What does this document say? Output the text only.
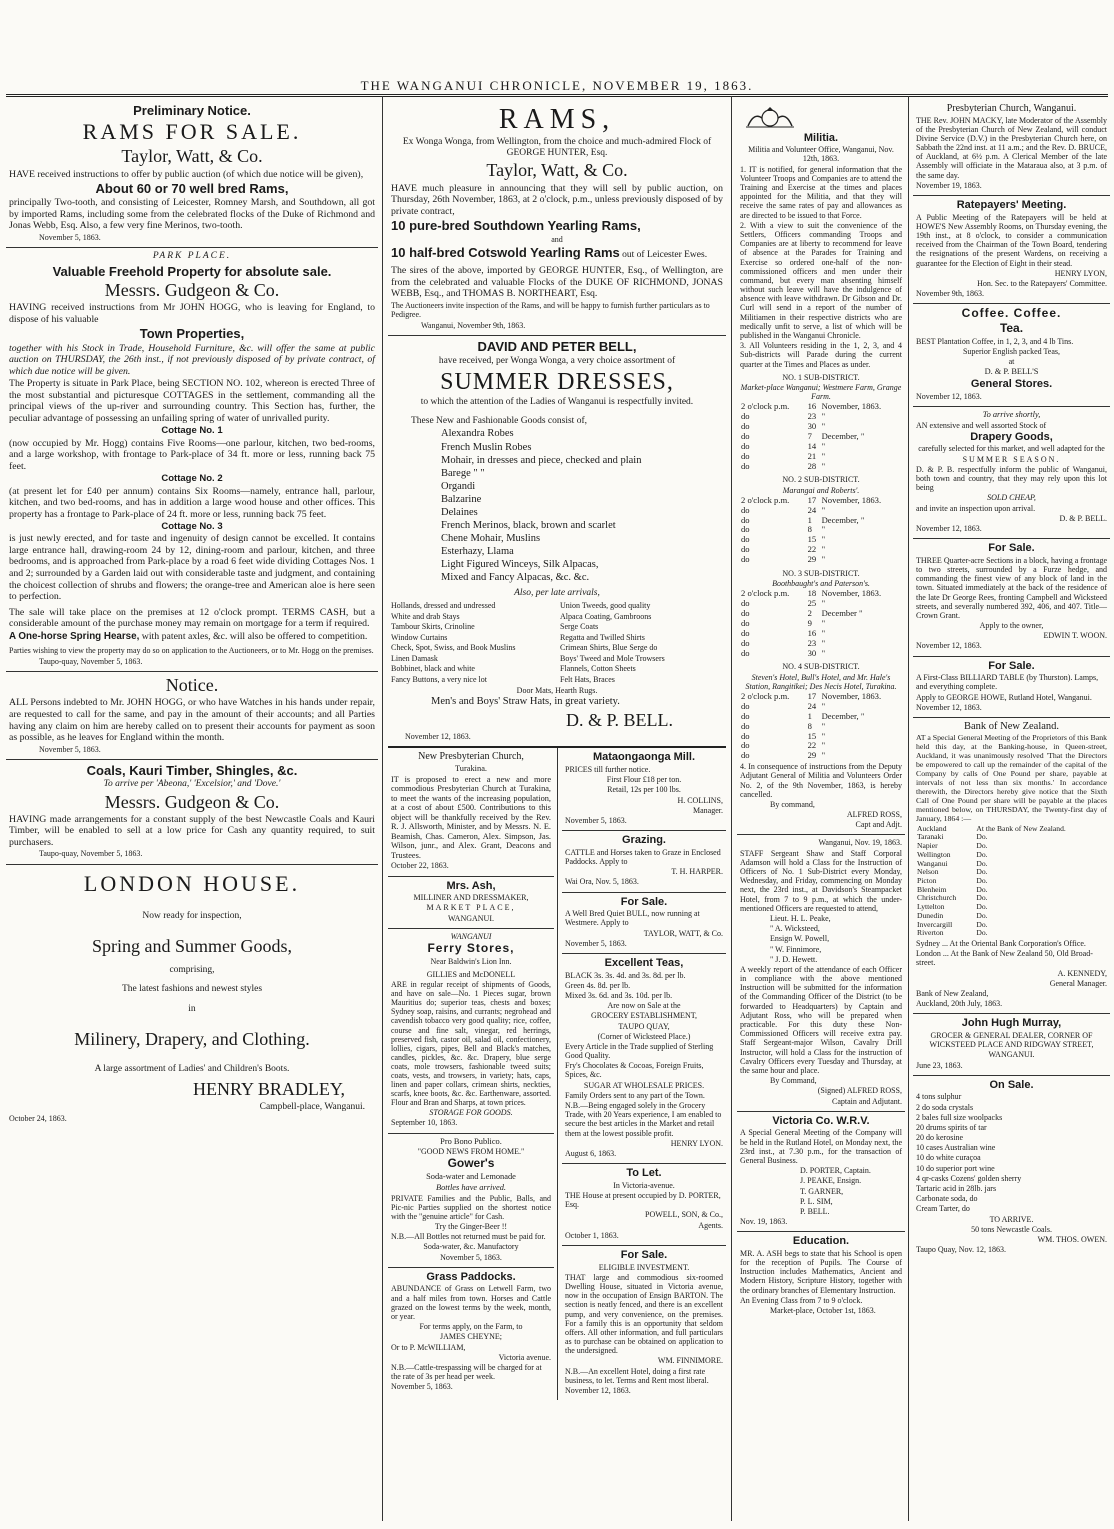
THE WANGANUI CHRONICLE, NOVEMBER 19, 1863.

Preliminary Notice.

RAMS FOR SALE.

Taylor, Watt, & Co.

HAVE received instructions to offer by public auction (of which due notice will be given),

About 60 or 70 well bred Rams,

principally Two-tooth, and consisting of Leicester, Romney Marsh, and Southdown, all got by imported Rams, including some from the celebrated flocks of the Duke of Richmond and Jonas Webb, Esq. Also, a few very fine Merinos, two-tooth.

November 5, 1863.

PARK PLACE.

Valuable Freehold Property for absolute sale.

Messrs. Gudgeon & Co.

HAVING received instructions from Mr JOHN HOGG, who is leaving for England, to dispose of his valuable

Town Properties,

together with his Stock in Trade, Household Furniture, &c. will offer the same at public auction on THURSDAY, the 26th inst., if not previously disposed of by private contract, of which due notice will be given.

The Property is situate in Park Place, being SECTION NO. 102, whereon is erected Three of the most substantial and picturesque COTTAGES in the settlement, commanding all the principal views of the up-river and surrounding country. This Section has, further, the peculiar advantage of possessing an unfailing spring of water of unrivalled purity.

Cottage No. 1

(now occupied by Mr. Hogg) contains Five Rooms—one parlour, kitchen, two bed-rooms, and a large workshop, with frontage to Park-place of 34 ft. more or less, running back 75 feet.

Cottage No. 2

(at present let for £40 per annum) contains Six Rooms—namely, entrance hall, parlour, kitchen, and two bed-rooms, and has in addition a large wood house and other offices. This property has a frontage to Park-place of 24 ft. more or less, running back 75 feet.

Cottage No. 3

is just newly erected, and for taste and ingenuity of design cannot be excelled. It contains large entrance hall, drawing-room 24 by 12, dining-room and parlour, kitchen, and three bedrooms, and is approached from Park-place by a road 6 feet wide dividing Cottages Nos. 1 and 2; surrounded by a Garden laid out with considerable taste and judgment, and containing the choicest collection of shrubs and flowers; the orange-tree and American aloe is here seen to perfection.

The sale will take place on the premises at 12 o'clock prompt. TERMS CASH, but a considerable amount of the purchase money may remain on mortgage for a term if required.

A One-horse Spring Hearse, with patent axles, &c. will also be offered to competition.

Parties wishing to view the property may do so on application to the Auctioneers, or to Mr. Hogg on the premises.

Taupo-quay, November 5, 1863.

Notice.

ALL Persons indebted to Mr. JOHN HOGG, or who have Watches in his hands under repair, are requested to call for the same, and pay in the amount of their accounts; and all Parties having any claim on him are hereby called on to present their accounts for payment as soon as possible, as he leaves for England within the month.

November 5, 1863.

Coals, Kauri Timber, Shingles, &c.

To arrive per 'Abeona,' 'Excelsior,' and 'Dove.'

Messrs. Gudgeon & Co.

HAVING made arrangements for a constant supply of the best Newcastle Coals and Kauri Timber, will be enabled to sell at a low price for Cash any quantity required, to suit purchasers.

Taupo-quay, November 5, 1863.

LONDON HOUSE.

Now ready for inspection,

Spring and Summer Goods,

comprising,

The latest fashions and newest styles

in

Milinery, Drapery, and Clothing.

A large assortment of Ladies' and Children's Boots.

HENRY BRADLEY,

Campbell-place, Wanganui.

October 24, 1863.

RAMS,

Ex Wonga Wonga, from Wellington, from the choice and much-admired Flock of GEORGE HUNTER, Esq.

Taylor, Watt, & Co.

HAVE much pleasure in announcing that they will sell by public auction, on Thursday, 26th November, 1863, at 2 o'clock, p.m., unless previously disposed of by private contract,

10 pure-bred Southdown Yearling Rams,

and

10 half-bred Cotswold Yearling Rams out of Leicester Ewes.

The sires of the above, imported by GEORGE HUNTER, Esq., of Wellington, are from the celebrated and valuable Flocks of the DUKE OF RICHMOND, JONAS WEBB, Esq., and THOMAS B. NORTHEART, Esq.

The Auctioneers invite inspection of the Rams, and will be happy to furnish further particulars as to Pedigree.

Wanganui, November 9th, 1863.

DAVID AND PETER BELL,

have received, per Wonga Wonga, a very choice assortment of

SUMMER DRESSES,

to which the attention of the Ladies of Wanganui is respectfully invited.

These New and Fashionable Goods consist of,

Alexandra Robes

French Muslin Robes

Mohair, in dresses and piece, checked and plain

Barege " "

Organdi

Balzarine

Delaines

French Merinos, black, brown and scarlet

Chene Mohair, Muslins

Esterhazy, Llama

Light Figured Winceys, Silk Alpacas,

Mixed and Fancy Alpacas, &c. &c.

Also, per late arrivals,

Hollands, dressed and undressed

White and drab Stays

Tambour Skirts, Crinoline

Window Curtains

Check, Spot, Swiss, and Book Muslins

Linen Damask

Bobbinet, black and white

Fancy Buttons, a very nice lot

Union Tweeds, good quality

Alpaca Coating, Gambroons

Serge Coats

Regatta and Twilled Shirts

Crimean Shirts, Blue Serge do

Boys' Tweed and Mole Trowsers

Flannels, Cotton Sheets

Felt Hats, Braces

Door Mats, Hearth Rugs.

Men's and Boys' Straw Hats, in great variety.

D. & P. BELL.

November 12, 1863.

New Presbyterian Church,

Turakina.

IT is proposed to erect a new and more commodious Presbyterian Church at Turakina, to meet the wants of the increasing population, at a cost of about £500. Contributions to this object will be thankfully received by the Rev. R. J. Allsworth, Minister, and by Messrs. N. E. Beamish, Chas. Cameron, Alex. Simpson, Jas. Wilson, junr., and Alex. Grant, Deacons and Trustees.

October 22, 1863.

Mrs. Ash,

MILLINER AND DRESSMAKER,

MARKET PLACE,

WANGANUI.

WANGANUI

Ferry Stores,

Near Baldwin's Lion Inn.

GILLIES and McDONELL

ARE in regular receipt of shipments of Goods, and have on sale—No. 1 Pieces sugar, brown Mauritius do; superior teas, chests and boxes; Sydney soap, raisins, and currants; negrohead and cavendish tobacco very good quality; rice, coffee, course and fine salt, vinegar, red herrings, preserved fish, castor oil, salad oil, confectionery, lollies, cigars, pipes, Bell and Black's matches, candles, pickles, &c. &c. Drapery, blue serge coats, mole trowsers, fashionable tweed suits; coats, vests, and trowsers, in variety; hats, caps, linen and paper collars, crimean shirts, neckties, scarfs, knee boots, &c. &c. Earthenware, assorted. Flour and Bran and Sharps, at town prices.

STORAGE FOR GOODS.

September 10, 1863.

Pro Bono Publico.

"GOOD NEWS FROM HOME."

Gower's

Soda-water and Lemonade

Bottles have arrived.

PRIVATE Families and the Public, Balls, and Pic-nic Parties supplied on the shortest notice with the "genuine article" for Cash.

Try the Ginger-Beer !!

N.B.—All Bottles not returned must be paid for.

Soda-water, &c. Manufactory

November 5, 1863.

Grass Paddocks.

ABUNDANCE of Grass on Letwell Farm, two and a half miles from town. Horses and Cattle grazed on the lowest terms by the week, month, or year.

For terms apply, on the Farm, to

JAMES CHEYNE;

Or to P. McWILLIAM,

Victoria avenue.

N.B.—Cattle-trespassing will be charged for at the rate of 3s per head per week.

November 5, 1863.

Mataongaonga Mill.

PRICES till further notice.

First Flour £18 per ton.

Retail, 12s per 100 lbs.

H. COLLINS,

Manager.

November 5, 1863.

Grazing.

CATTLE and Horses taken to Graze in Enclosed Paddocks. Apply to

T. H. HARPER.

Wai Ora, Nov. 5, 1863.

For Sale.

A Well Bred Quiet BULL, now running at Westmere. Apply to

TAYLOR, WATT, & Co.

November 5, 1863.

Excellent Teas,

BLACK 3s. 3s. 4d. and 3s. 8d. per lb.

Green 4s. 8d. per lb.

Mixed 3s. 6d. and 3s. 10d. per lb.

Are now on Sale at the

GROCERY ESTABLISHMENT,

TAUPO QUAY,

(Corner of Wicksteed Place.)

Every Article in the Trade supplied of Sterling Good Quality.

Fry's Chocolates & Cocoas, Foreign Fruits, Spices, &c.

SUGAR AT WHOLESALE PRICES.

Family Orders sent to any part of the Town.

N.B.—Being engaged solely in the Grocery Trade, with 20 Years experience, I am enabled to secure the best articles in the Market and retail them at the lowest possible profit.

HENRY LYON.

August 6, 1863.

To Let.

In Victoria-avenue.

THE House at present occupied by D. PORTER, Esq.

POWELL, SON, & Co.,

Agents.

October 1, 1863.

For Sale.

ELIGIBLE INVESTMENT.

THAT large and commodious six-roomed Dwelling House, situated in Victoria avenue, now in the occupation of Ensign BARTON. The section is neatly fenced, and there is an excellent pump, and very convenience, on the premises. For a family this is an opportunity that seldom offers. All other information, and full particulars as to purchase can be obtained on application to the undersigned.

WM. FINNIMORE.

N.B.—An excellent Hotel, doing a first rate business, to let. Terms and Rent most liberal.

November 12, 1863.

Militia.

Militia and Volunteer Office, Wanganui, Nov. 12th, 1863.

1. IT is notified, for general information that the Volunteer Troops and Companies are to attend the Training and Exercise at the times and places appointed for the Militia, and that they will receive the same rates of pay and allowances as are directed to be issued to that Force.

2. With a view to suit the convenience of the Settlers, Officers commanding Troops and Companies are at liberty to recommend for leave of absence at the Parades for Training and Exercise so ordered one-half of the non-commissioned officers and men under their command, but every man absenting himself without such leave will have the indulgence of absence with leave withdrawn. Dr Gibson and Dr. Curl will send in a report of the number of Militiamen in their respective districts who are medically unfit to serve, a list of which will be published in the Wanganui Chronicle.

3. All Volunteers residing in the 1, 2, 3, and 4 Sub-districts will Parade during the current quarter at the Times and Places as under.

NO. 1 SUB-DISTRICT.

Market-place Wanganui; Westmere Farm, Grange Farm.

2 o'clock p.m.	16	November, 1863.
do	23	"
do	30	"
do	7	December, "
do	14	"
do	21	"
do	28	"

NO. 2 SUB-DISTRICT.

Marangai and Roberts'.

2 o'clock p.m.	17	November, 1863.
do	24	"
do	1	December, "
do	8	"
do	15	"
do	22	"
do	29	"

NO. 3 SUB-DISTRICT.

Boothbaught's and Paterson's.

2 o'clock p.m.	18	November, 1863.
do	25	"
do	2	December "
do	9	"
do	16	"
do	23	"
do	30	"

NO. 4 SUB-DISTRICT.

Steven's Hotel, Bull's Hotel, and Mr. Hale's Station, Rangitikei; Des Necis Hotel, Turakina.

2 o'clock p.m.	17	November, 1863.
do	24	"
do	1	December, "
do	8	"
do	15	"
do	22	"
do	29	"

4. In consequence of instructions from the Deputy Adjutant General of Militia and Volunteers Order No. 2, of the 9th November, 1863, is hereby cancelled.

By command,

ALFRED ROSS,

Capt and Adjt.

Wanganui, Nov. 19, 1863.

STAFF Sergeant Shaw and Staff Corporal Adamson will hold a Class for the Instruction of Officers of No. 1 Sub-District every Monday, Wednesday, and Friday, commencing on Monday next, the 23rd inst., at Davidson's Steampacket Hotel, from 7 to 9 p.m., at which the under-mentioned Officers are requested to attend,

Lieut. H. L. Peake,

" A. Wicksteed,

Ensign W. Powell,

" W. Finnimore,

" J. D. Hewett.

A weekly report of the attendance of each Officer in compliance with the above mentioned Instruction will be submitted for the information of the Commanding Officer of the District (to be forwarded to Headquarters) by Captain and Adjutant Ross, who will be prepared when practicable. For this duty these Non-Commissioned Officers will receive extra pay. Staff Sergeant-major Wilson, Cavalry Drill Instructor, will hold a Class for the instruction of Cavalry Officers every Tuesday and Thursday, at the same hour and place.

By Command,

(Signed) ALFRED ROSS,

Captain and Adjutant.

Victoria Co. W.R.V.

A Special General Meeting of the Company will be held in the Rutland Hotel, on Monday next, the 23rd inst., at 7.30 p.m., for the transaction of General Business.

D. PORTER, Captain.

J. PEAKE, Ensign.

T. GARNER,

P. L. SIM,

P. BELL.

Nov. 19, 1863.

Education.

MR. A. ASH begs to state that his School is open for the reception of Pupils. The Course of Instruction includes Mathematics, Ancient and Modern History, Scripture History, together with the ordinary branches of Elementary Instruction.

An Evening Class from 7 to 9 o'clock.

Market-place, October 1st, 1863.

Presbyterian Church, Wanganui.

THE Rev. JOHN MACKY, late Moderator of the Assembly of the Presbyterian Church of New Zealand, will conduct Divine Service (D.V.) in the Presbyterian Church here, on Sabbath the 22nd inst. at 11 a.m.; and the Rev. D. BRUCE, of Auckland, at 6½ p.m. A Clerical Member of the late Assembly will officiate in the Mataraua also, at 3 p.m. of the same day.

November 19, 1863.

Ratepayers' Meeting.

A Public Meeting of the Ratepayers will be held at HOWE'S New Assembly Rooms, on Thursday evening, the 19th inst., at 8 o'clock, to consider a communication received from the Chairman of the Town Board, tendering the resignations of the present Wardens, on receiving a guarantee for the Election of Eight in their stead.

HENRY LYON,

Hon. Sec. to the Ratepayers' Committee.

November 9th, 1863.

Coffee. Coffee.

Tea.

BEST Plantation Coffee, in 1, 2, 3, and 4 lb Tins.

Superior English packed Teas,

at

D. & P. BELL'S

General Stores.

November 12, 1863.

To arrive shortly,

AN extensive and well assorted Stock of

Drapery Goods,

carefully selected for this market, and well adapted for the

SUMMER SEASON.

D. & P. B. respectfully inform the public of Wanganui, both town and country, that they may rely upon this lot being

SOLD CHEAP,

and invite an inspection upon arrival.

D. & P. BELL.

November 12, 1863.

For Sale.

THREE Quarter-acre Sections in a block, having a frontage to two streets, surrounded by a Furze hedge, and commanding the finest view of any block of land in the town. Situated immediately at the back of the residence of the late Dr George Rees, fronting Campbell and Wicksteed streets, and severally numbered 392, 406, and 407. Title—Crown Grant.

Apply to the owner,

EDWIN T. WOON.

November 12, 1863.

For Sale.

A First-Class BILLIARD TABLE (by Thurston). Lamps, and everything complete.

Apply to GEORGE HOWE, Rutland Hotel, Wanganui.

November 12, 1863.

Bank of New Zealand.

AT a Special General Meeting of the Proprietors of this Bank held this day, at the Banking-house, in Queen-street, Auckland, it was unanimously resolved 'That the Directors be empowered to call up the remainder of the capital of the Company by calls of One Pound per share, payable at intervals of not less than six months.' In accordance therewith, the Directors hereby give notice that the Sixth Call of One Pound per share will be payable at the places mentioned below, on THURSDAY, the Twenty-first day of January, 1864 :—

Auckland	At the Bank of New Zealand.
Taranaki	Do.
Napier	Do.
Wellington	Do.
Wanganui	Do.
Nelson	Do.
Picton	Do.
Blenheim	Do.
Christchurch	Do.
Lyttelton	Do.
Dunedin	Do.
Invercargill	Do.
Riverton	Do.

Sydney ... At the Oriental Bank Corporation's Office.

London ... At the Bank of New Zealand 50, Old Broad-street.

A. KENNEDY,

General Manager.

Bank of New Zealand,

Auckland, 20th July, 1863.

John Hugh Murray,

GROCER & GENERAL DEALER, CORNER OF WICKSTEED PLACE AND RIDGWAY STREET,

WANGANUI.

June 23, 1863.

On Sale.

4 tons sulphur

2 do soda crystals

2 bales full size woolpacks

20 drums spirits of tar

20 do kerosine

10 cases Australian wine

10 do white curaçoa

10 do superior port wine

4 qr-casks Cozens' golden sherry

Tartaric acid in 28lb. jars

Carbonate soda, do

Cream Tarter, do

TO ARRIVE.

50 tons Newcastle Coals.

WM. THOS. OWEN.

Taupo Quay, Nov. 12, 1863.
